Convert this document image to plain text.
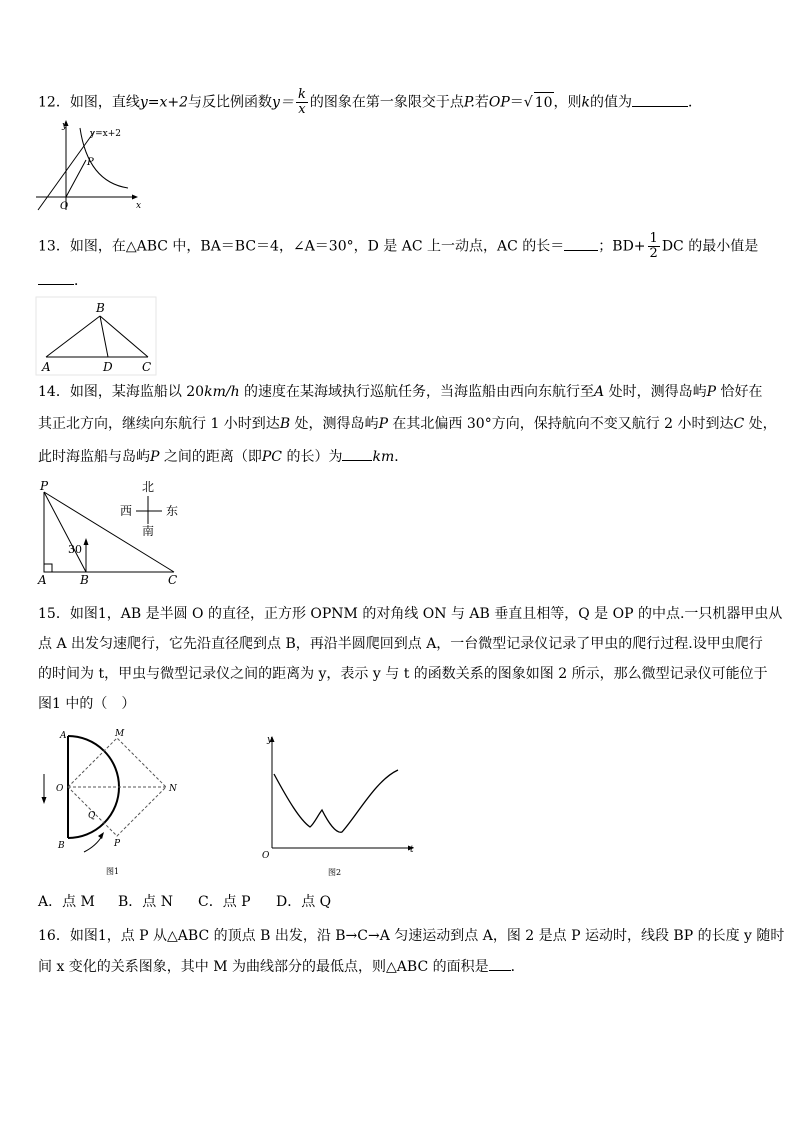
12．如图，直线y=x+2与反比例函数$y= \frac{k}{x}$ 的图象在第一象限交于点P.若OP＝√ 10，则k的值为	．
y
y=x+2
P
O	x
13．如图，在△ABC 中，BA＝BC＝4，∠A＝30°，D 是 AC 上一动点，AC 的长＝ ；$BD+ \frac{1}{2}$ DC 的最小值是
．
B
A	D C
14．如图，某海监船以 20km/h 的速度在某海域执行巡航任务，当海监船由西向东航行至A 处时，测得岛屿P 恰好在
其正北方向，继续向东航行 1 小时到达B 处，测得岛屿P 在其北偏西 30°方向，保持航向不变又航行 2 小时到达C 处，
此时海监船与岛屿P 之间的距离（即PC 的长）为 km．
30
P
A	B	C
北
南
西	东
15．如图1，AB 是半圆 O 的直径，正方形 OPNM 的对角线 ON 与 AB 垂直且相等，Q 是 OP 的中点.一只机器甲虫从
点 A 出发匀速爬行，它先沿直径爬到点 B，再沿半圆爬回到点 A，一台微型记录仪记录了甲虫的爬行过程.设甲虫爬行
的时间为 t，甲虫与微型记录仪之间的距离为 y，表示 y 与 t 的函数关系的图象如图 2 所示，那么微型记录仪可能位于
图1 中的（　）
A	M
O	N
Q
P
B
图1
y
O
t
图2
A．点 M B．点 N C．点 P D．点 Q
16．如图1，点 P 从△ABC 的顶点 B 出发，沿 B→C→A 匀速运动到点 A，图 2 是点 P 运动时，线段 BP 的长度 y 随时
间 x 变化的关系图象，其中 M 为曲线部分的最低点，则△ABC 的面积是 ．
